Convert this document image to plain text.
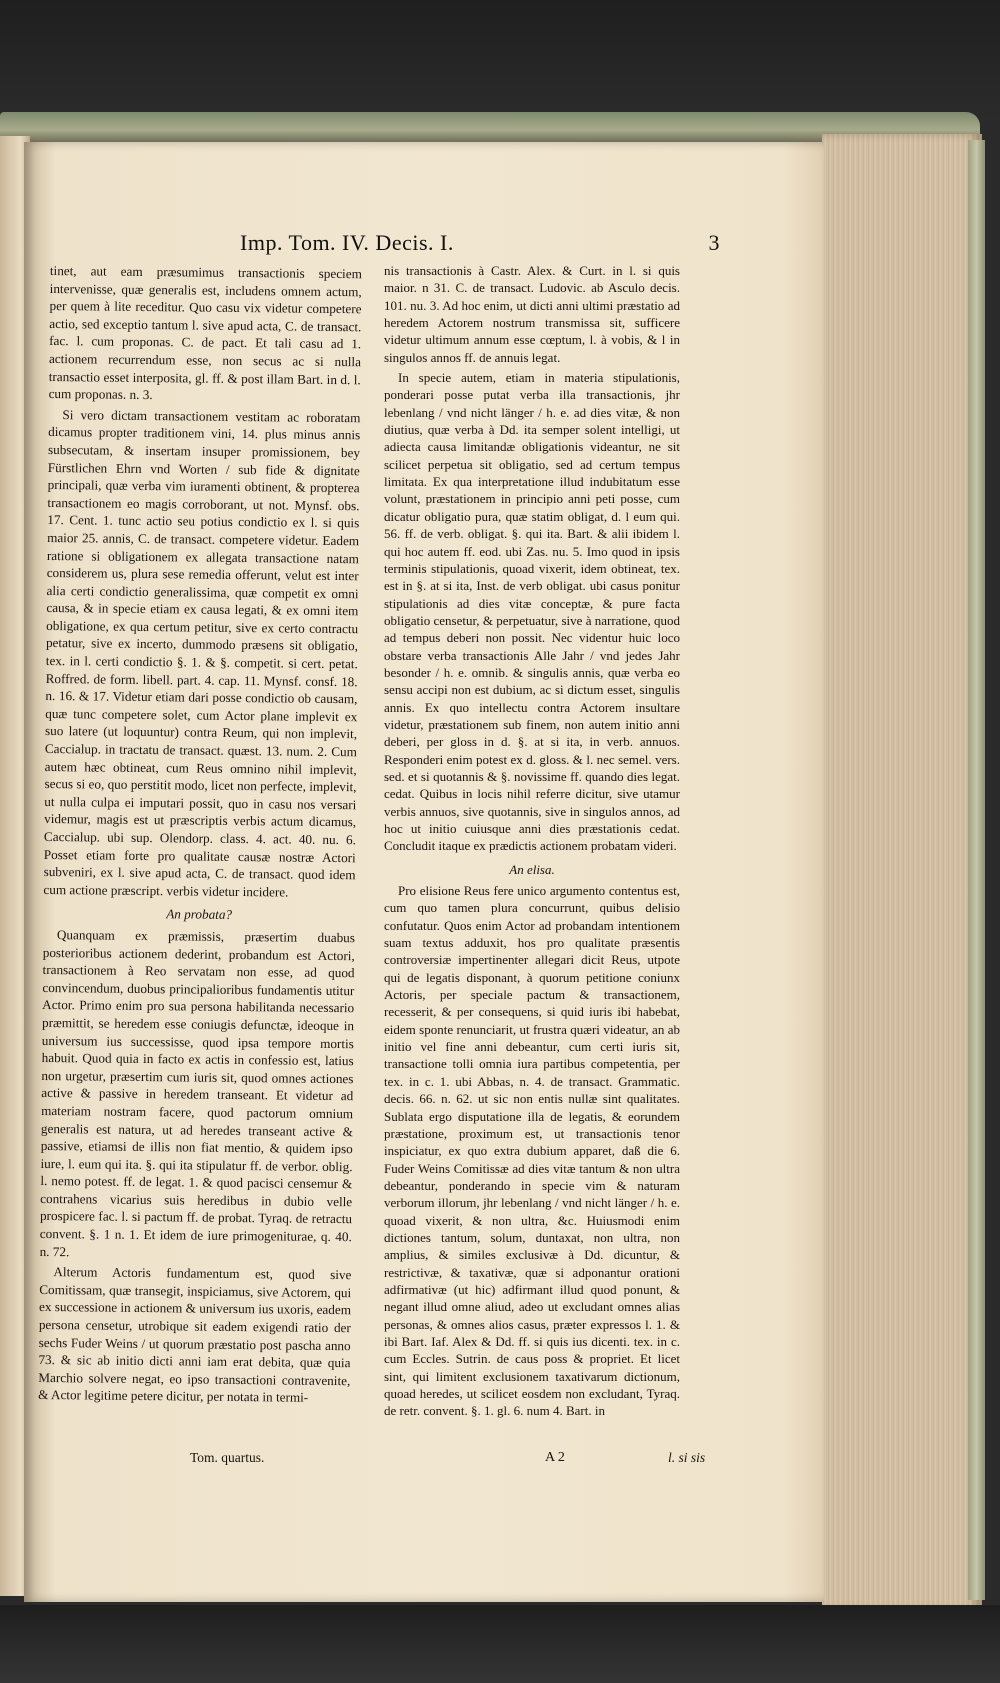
Imp. Tom. IV. Decis. I.	3

tinet, aut eam præsumimus transactionis speciem intervenisse, quæ generalis est, includens omnem actum, per quem à lite receditur. Quo casu vix videtur competere actio, sed exceptio tantum l. sive apud acta, C. de transact. fac. l. cum proponas. C. de pact. Et tali casu ad 1. actionem recurrendum esse, non secus ac si nulla transactio esset interposita, gl. ff. & post illam Bart. in d. l. cum proponas. n. 3.

Si vero dictam transactionem vestitam ac roboratam dicamus propter traditionem vini, 14. plus minus annis subsecutam, & insertam insuper promissionem, bey Fürstlichen Ehrn vnd Worten / sub fide & dignitate principali, quæ verba vim iuramenti obtinent, & propterea transactionem eo magis corroborant, ut not. Mynsf. obs. 17. Cent. 1. tunc actio seu potius condictio ex l. si quis maior 25. annis, C. de transact. competere videtur. Eadem ratione si obligationem ex allegata transactione natam considerem us, plura sese remedia offerunt, velut est inter alia certi condictio generalissima, quæ competit ex omni causa, & in specie etiam ex causa legati, & ex omni item obligatione, ex qua certum petitur, sive ex certo contractu petatur, sive ex incerto, dummodo præsens sit obligatio, tex. in l. certi condictio §. 1. & §. competit. si cert. petat. Roffred. de form. libell. part. 4. cap. 11. Mynsf. consf. 18. n. 16. & 17. Videtur etiam dari posse condictio ob causam, quæ tunc competere solet, cum Actor plane implevit ex suo latere (ut loquuntur) contra Reum, qui non implevit, Caccialup. in tractatu de transact. quæst. 13. num. 2. Cum autem hæc obtineat, cum Reus omnino nihil implevit, secus si eo, quo perstitit modo, licet non perfecte, implevit, ut nulla culpa ei imputari possit, quo in casu nos versari videmur, magis est ut præscriptis verbis actum dicamus, Caccialup. ubi sup. Olendorp. class. 4. act. 40. nu. 6. Posset etiam forte pro qualitate causæ nostræ Actori subveniri, ex l. sive apud acta, C. de transact. quod idem cum actione præscript. verbis videtur incidere.

An probata?

Quanquam ex præmissis, præsertim duabus posterioribus actionem dederint, probandum est Actori, transactionem à Reo servatam non esse, ad quod convincendum, duobus principalioribus fundamentis utitur Actor. Primo enim pro sua persona habilitanda necessario præmittit, se heredem esse coniugis defunctæ, ideoque in universum ius successisse, quod ipsa tempore mortis habuit. Quod quia in facto ex actis in confessio est, latius non urgetur, præsertim cum iuris sit, quod omnes actiones active & passive in heredem transeant. Et videtur ad materiam nostram facere, quod pactorum omnium generalis est natura, ut ad heredes transeant active & passive, etiamsi de illis non fiat mentio, & quidem ipso iure, l. eum qui ita. §. qui ita stipulatur ff. de verbor. oblig. l. nemo potest. ff. de legat. 1. & quod pacisci censemur & contrahens vicarius suis heredibus in dubio velle prospicere fac. l. si pactum ff. de probat. Tyraq. de retractu convent. §. 1 n. 1. Et idem de iure primogeniturae, q. 40. n. 72.

Alterum Actoris fundamentum est, quod sive Comitissam, quæ transegit, inspiciamus, sive Actorem, qui ex successione in actionem & universum ius uxoris, eadem persona censetur, utrobique sit eadem exigendi ratio der sechs Fuder Weins / ut quorum præstatio post pascha anno 73. & sic ab initio dicti anni iam erat debita, quæ quia Marchio solvere negat, eo ipso transactioni contravenite, & Actor legitime petere dicitur, per notata in termi-

nis transactionis à Castr. Alex. & Curt. in l. si quis maior. n 31. C. de transact. Ludovic. ab Asculo decis. 101. nu. 3. Ad hoc enim, ut dicti anni ultimi præstatio ad heredem Actorem nostrum transmissa sit, sufficere videtur ultimum annum esse cœptum, l. à vobis, & l in singulos annos ff. de annuis legat.

In specie autem, etiam in materia stipulationis, ponderari posse putat verba illa transactionis, jhr lebenlang / vnd nicht länger / h. e. ad dies vitæ, & non diutius, quæ verba à Dd. ita semper solent intelligi, ut adiecta causa limitandæ obligationis videantur, ne sit scilicet perpetua sit obligatio, sed ad certum tempus limitata. Ex qua interpretatione illud indubitatum esse volunt, præstationem in principio anni peti posse, cum dicatur obligatio pura, quæ statim obligat, d. l eum qui. 56. ff. de verb. obligat. §. qui ita. Bart. & alii ibidem l. qui hoc autem ff. eod. ubi Zas. nu. 5. Imo quod in ipsis terminis stipulationis, quoad vixerit, idem obtineat, tex. est in §. at si ita, Inst. de verb obligat. ubi casus ponitur stipulationis ad dies vitæ conceptæ, & pure facta obligatio censetur, & perpetuatur, sive à narratione, quod ad tempus deberi non possit. Nec videntur huic loco obstare verba transactionis Alle Jahr / vnd jedes Jahr besonder / h. e. omnib. & singulis annis, quæ verba eo sensu accipi non est dubium, ac si dictum esset, singulis annis. Ex quo intellectu contra Actorem insultare videtur, præstationem sub finem, non autem initio anni deberi, per gloss in d. §. at si ita, in verb. annuos. Responderi enim potest ex d. gloss. & l. nec semel. vers. sed. et si quotannis & §. novissime ff. quando dies legat. cedat. Quibus in locis nihil referre dicitur, sive utamur verbis annuos, sive quotannis, sive in singulos annos, ad hoc ut initio cuiusque anni dies præstationis cedat. Concludit itaque ex prædictis actionem probatam videri.

An elisa.

Pro elisione Reus fere unico argumento contentus est, cum quo tamen plura concurrunt, quibus delisio confutatur. Quos enim Actor ad probandam intentionem suam textus adduxit, hos pro qualitate præsentis controversiæ impertinenter allegari dicit Reus, utpote qui de legatis disponant, à quorum petitione coniunx Actoris, per speciale pactum & transactionem, recesserit, & per consequens, si quid iuris ibi habebat, eidem sponte renunciarit, ut frustra quæri videatur, an ab initio vel fine anni debeantur, cum certi iuris sit, transactione tolli omnia iura partibus competentia, per tex. in c. 1. ubi Abbas, n. 4. de transact. Grammatic. decis. 66. n. 62. ut sic non entis nullæ sint qualitates. Sublata ergo disputatione illa de legatis, & eorundem præstatione, proximum est, ut transactionis tenor inspiciatur, ex quo extra dubium apparet, daß die 6. Fuder Weins Comitissæ ad dies vitæ tantum & non ultra debeantur, ponderando in specie vim & naturam verborum illorum, jhr lebenlang / vnd nicht länger / h. e. quoad vixerit, & non ultra, &c. Huiusmodi enim dictiones tantum, solum, duntaxat, non ultra, non amplius, & similes exclusivæ à Dd. dicuntur, & restrictivæ, & taxativæ, quæ si adponantur orationi adfirmativæ (ut hic) adfirmant illud quod ponunt, & negant illud omne aliud, adeo ut excludant omnes alias personas, & omnes alios casus, præter expressos l. 1. & ibi Bart. Iaf. Alex & Dd. ff. si quis ius dicenti. tex. in c. cum Eccles. Sutrin. de caus poss & propriet. Et licet sint, qui limitent exclusionem taxativarum dictionum, quoad heredes, ut scilicet eosdem non excludant, Tyraq. de retr. convent. §. 1. gl. 6. num 4. Bart. in

Tom. quartus.	A 2	l. si sis
